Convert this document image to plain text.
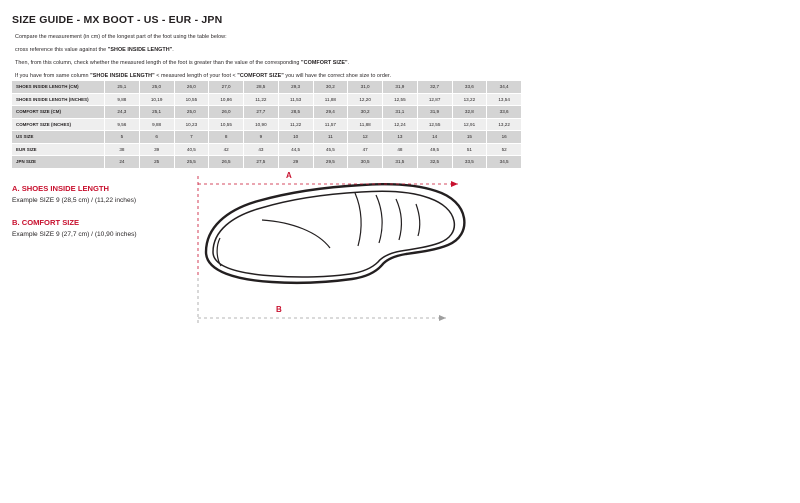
SIZE GUIDE - MX BOOT - US - EUR - JPN

Compare the measurement (in cm) of the longest part of the foot using the table below:

cross reference this value against the "SHOE INSIDE LENGTH".

Then, from this column, check whether the measured length of the foot is greater than the value of the corresponding "COMFORT SIZE".

If you have from same column "SHOE INSIDE LENGTH" < measured length of your foot < "COMFORT SIZE" you will have the correct shoe size to order.

SHOES INSIDE LENGTH (CM)	25,1	25,0	26,0	27,0	28,5	29,3	30,2	31,0	31,9	32,7	33,6	34,4
SHOES INSIDE LENGTH (INCHES)	9,88	10,19	10,55	10,86	11,22	11,53	11,88	12,20	12,55	12,87	13,22	13,54
COMFORT SIZE (CM)	24,3	25,1	25,0	26,0	27,7	28,5	29,4	30,2	31,1	31,9	32,8	33,6
COMFORT SIZE (INCHES)	9,56	9,88	10,23	10,55	10,90	11,22	11,57	11,88	12,24	12,55	12,91	13,22
US SIZE	5	6	7	8	9	10	11	12	13	14	15	16
EUR SIZE	38	39	40,5	42	43	44,5	45,5	47	48	49,5	51	52
JPN SIZE	24	25	25,5	26,5	27,5	29	29,5	30,5	31,5	32,5	33,5	34,5

A. SHOES INSIDE LENGTH

Example SIZE 9 (28,5 cm) / (11,22 inches)

B. COMFORT SIZE

Example SIZE 9 (27,7 cm) / (10,90 inches)

A
B
